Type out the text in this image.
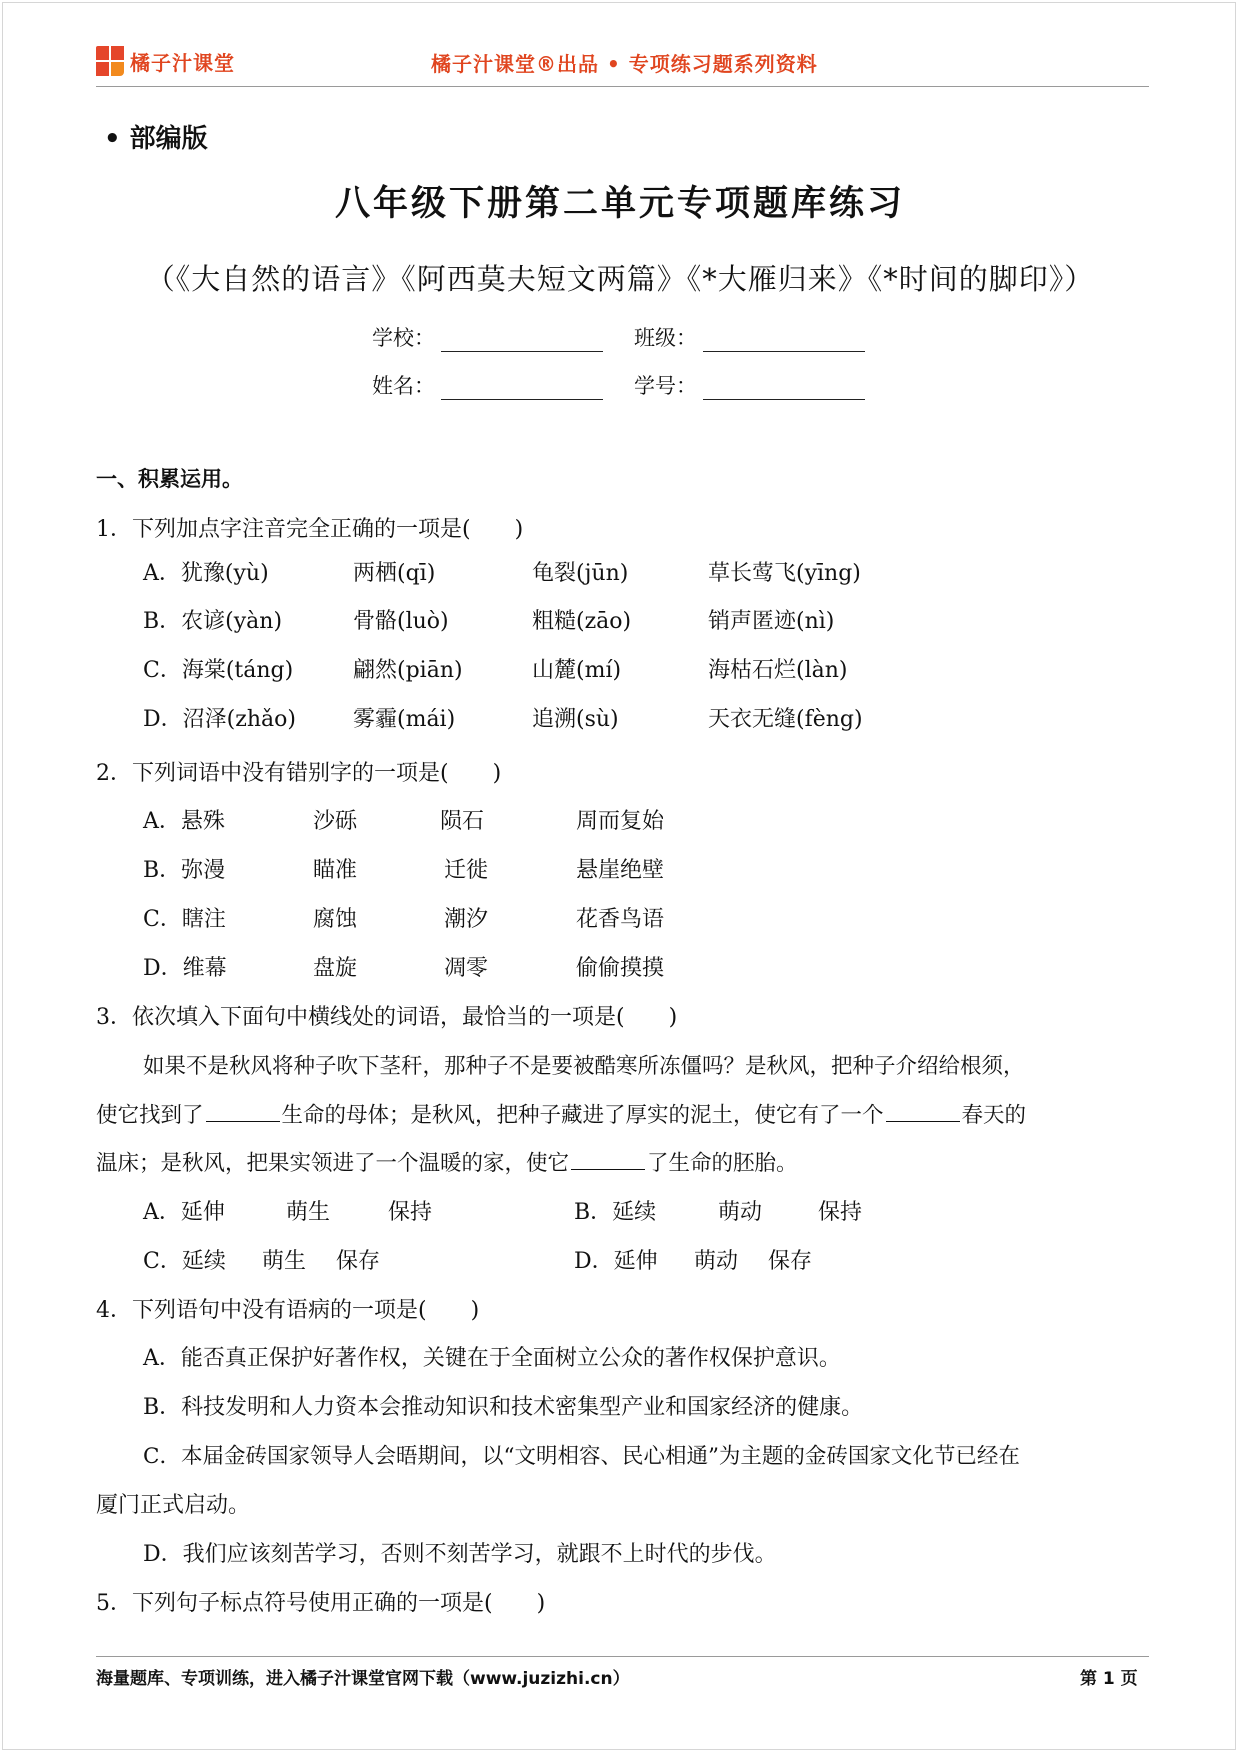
橘子汁课堂	橘子汁课堂®出品 • 专项练习题系列资料
• 部编版
八年级下册第二单元专项题库练习
（《大自然的语言》《阿西莫夫短文两篇》《*大雁归来》《*时间的脚印》）
学校：	班级：
姓名：	学号：
一、积累运用。
1．下列加点字注音完全正确的一项是(　　)
A．犹豫(yù)	两栖(qī)	龟裂(jūn)	草长莺飞(yīng)
B．农谚(yàn)	骨骼(luò)	粗糙(zāo)	销声匿迹(nì)
C．海棠(táng)	翩然(piān)	山麓(mí)	海枯石烂(làn)
D．沼泽(zhǎo)	雾霾(mái)	追溯(sù)	天衣无缝(fèng)
2．下列词语中没有错别字的一项是(　　)
A．悬殊	沙砾	陨石	周而复始
B．弥漫	瞄准	迁徙	悬崖绝壁
C．瞎注	腐蚀	潮汐	花香鸟语
D．维幕	盘旋	凋零	偷偷摸摸
3．依次填入下面句中横线处的词语，最恰当的一项是(　　)
如果不是秋风将种子吹下茎秆，那种子不是要被酷寒所冻僵吗？是秋风，把种子介绍给根须，
使它找到了	生命的母体；是秋风，把种子藏进了厚实的泥土，使它有了一个	春天的
温床；是秋风，把果实领进了一个温暖的家，使它	了生命的胚胎。
A．延伸	萌生	保持	B．延续	萌动	保持
C．延续 萌生 保存	D．延伸 萌动 保存
4．下列语句中没有语病的一项是(　　)
A．能否真正保护好著作权，关键在于全面树立公众的著作权保护意识。
B．科技发明和人力资本会推动知识和技术密集型产业和国家经济的健康。
C．本届金砖国家领导人会晤期间，以“文明相容、民心相通”为主题的金砖国家文化节已经在
厦门正式启动。
D．我们应该刻苦学习，否则不刻苦学习，就跟不上时代的步伐。
5．下列句子标点符号使用正确的一项是(　　)
海量题库、专项训练，进入橘子汁课堂官网下载（www.juzizhi.cn）	第 1 页
